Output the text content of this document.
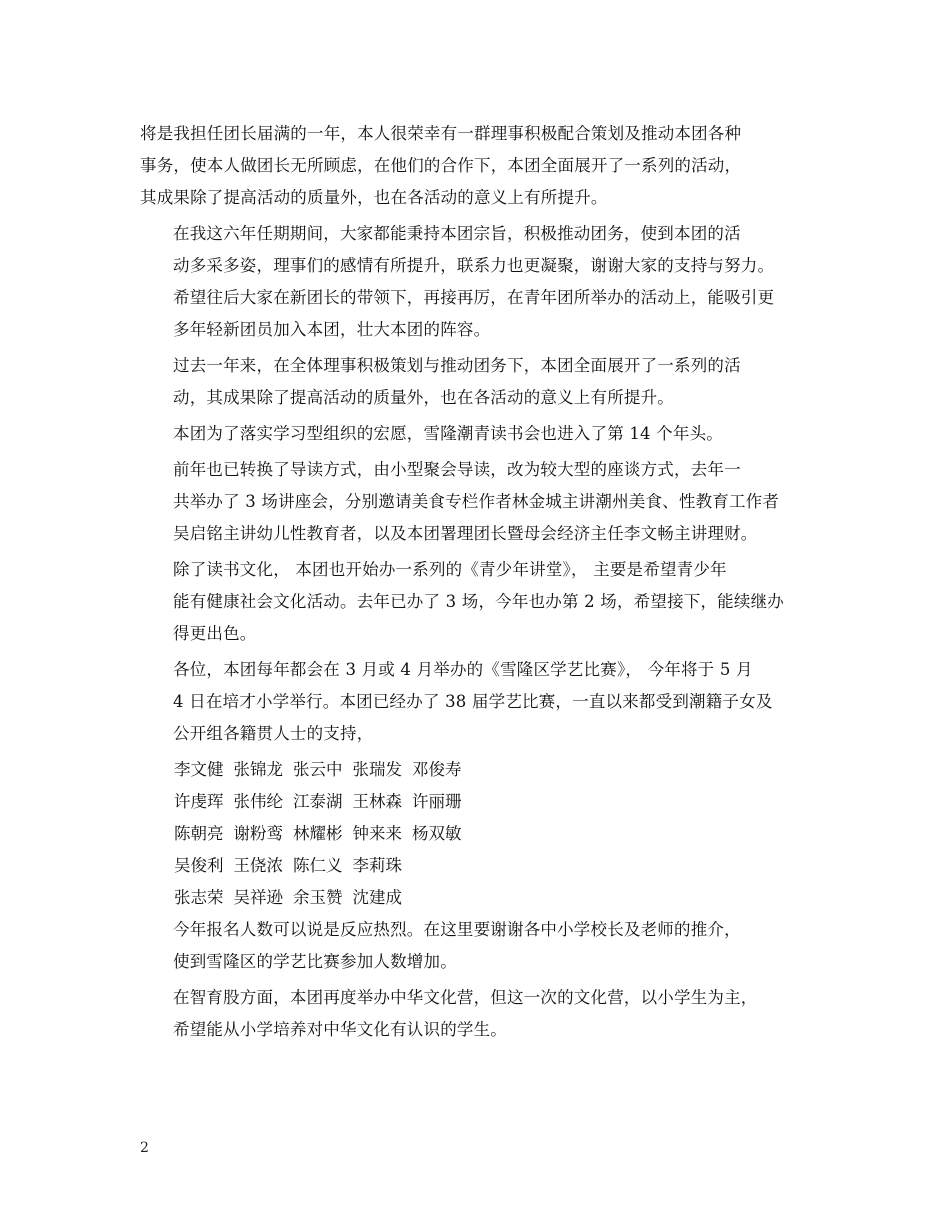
将是我担任团长届满的一年，本人很荣幸有一群理事积极配合策划及推动本团各种
事务，使本人做团长无所顾虑，在他们的合作下，本团全面展开了一系列的活动，
其成果除了提高活动的质量外，也在各活动的意义上有所提升。

在我这六年任期期间，大家都能秉持本团宗旨，积极推动团务，使到本团的活
动多采多姿，理事们的感情有所提升，联系力也更凝聚，谢谢大家的支持与努力。
希望往后大家在新团长的带领下，再接再厉，在青年团所举办的活动上，能吸引更
多年轻新团员加入本团，壮大本团的阵容。

过去一年来，在全体理事积极策划与推动团务下，本团全面展开了一系列的活
动，其成果除了提高活动的质量外，也在各活动的意义上有所提升。

本团为了落实学习型组织的宏愿，雪隆潮青读书会也进入了第 14 个年头。

前年也已转换了导读方式，由小型聚会导读，改为较大型的座谈方式，去年一
共举办了 3 场讲座会，分别邀请美食专栏作者林金城主讲潮州美食、性教育工作者
吴启铭主讲幼儿性教育者，以及本团署理团长暨母会经济主任李文畅主讲理财。

除了读书文化， 本团也开始办一系列的《青少年讲堂》， 主要是希望青少年
能有健康社会文化活动。去年已办了 3 场，今年也办第 2 场，希望接下，能续继办
得更出色。

各位，本团每年都会在 3 月或 4 月举办的《雪隆区学艺比赛》， 今年将于 5 月
4 日在培才小学举行。本团已经办了 38 届学艺比赛，一直以来都受到潮籍子女及
公开组各籍贯人士的支持，

李文健 张锦龙 张云中 张瑞发 邓俊寿
许虔珲 张伟纶 江泰湖 王林森 许丽珊
陈朝亮 谢粉鸾 林耀彬 钟来来 杨双敏
吴俊利 王侥浓 陈仁义 李莉珠
张志荣 吴祥逊 余玉赞 沈建成

今年报名人数可以说是反应热烈。在这里要谢谢各中小学校长及老师的推介，
使到雪隆区的学艺比赛参加人数增加。

在智育股方面，本团再度举办中华文化营，但这一次的文化营，以小学生为主，
希望能从小学培养对中华文化有认识的学生。

2
